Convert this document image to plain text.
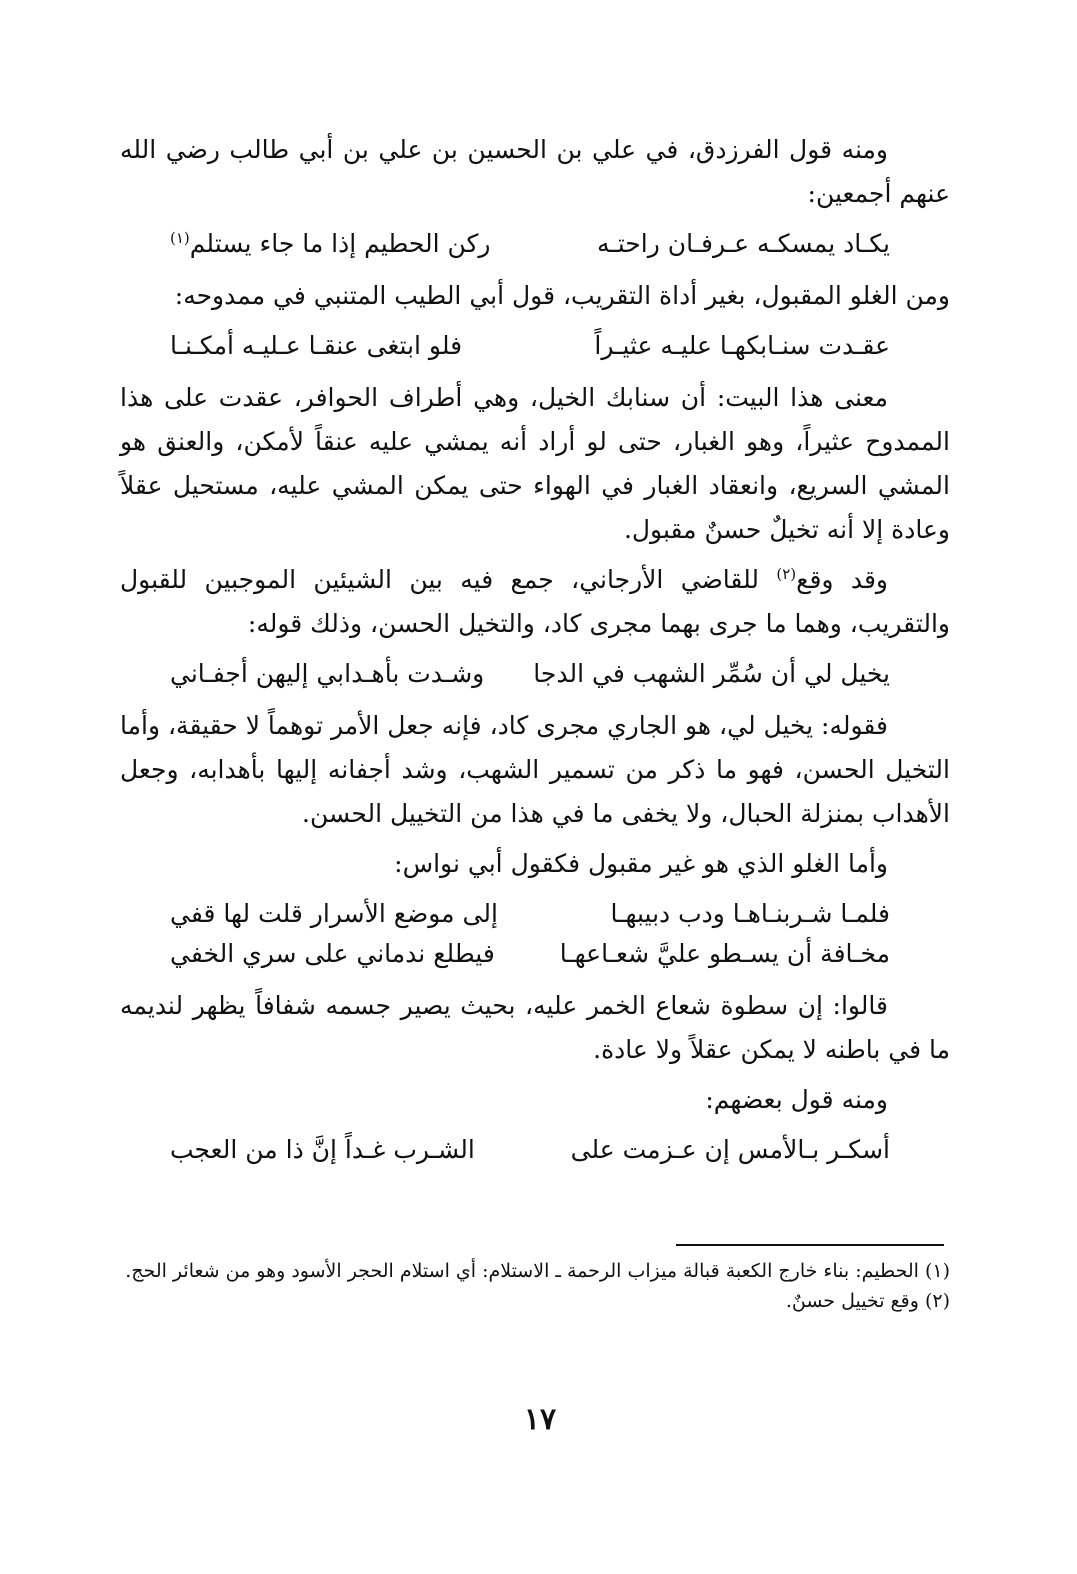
ومنه قول الفرزدق، في علي بن الحسين بن علي بن أبي طالب رضي الله عنهم أجمعين:

يكـاد يمسكـه عـرفـان راحتـه
ركن الحطيم إذا ما جاء يستلم$^{(١)}$

ومن الغلو المقبول، بغير أداة التقريب، قول أبي الطيب المتنبي في ممدوحه:

عقـدت سنـابكهـا عليـه عثيـراً
فلو ابتغى عنقـا عـليـه أمكـنـا

معنى هذا البيت: أن سنابك الخيل، وهي أطراف الحوافر، عقدت على هذا الممدوح عثيراً، وهو الغبار، حتى لو أراد أنه يمشي عليه عنقاً لأمكن، والعنق هو المشي السريع، وانعقاد الغبار في الهواء حتى يمكن المشي عليه، مستحيل عقلاً وعادة إلا أنه تخيلٌ حسنٌ مقبول.

وقد وقع$^{(٢)}$ للقاضي الأرجاني، جمع فيه بين الشيئين الموجبين للقبول والتقريب، وهما ما جرى بهما مجرى كاد، والتخيل الحسن، وذلك قوله:

يخيل لي أن سُمِّر الشهب في الدجا
وشـدت بأهـدابي إليهن أجفـاني

فقوله: يخيل لي، هو الجاري مجرى كاد، فإنه جعل الأمر توهماً لا حقيقة، وأما التخيل الحسن، فهو ما ذكر من تسمير الشهب، وشد أجفانه إليها بأهدابه، وجعل الأهداب بمنزلة الحبال، ولا يخفى ما في هذا من التخييل الحسن.

وأما الغلو الذي هو غير مقبول فكقول أبي نواس:

فلمـا شـربنـاهـا ودب دبيبهـا
إلى موضع الأسرار قلت لها قفي
مخـافة أن يسـطو عليَّ شعـاعهـا
فيطلع ندماني على سري الخفي

قالوا: إن سطوة شعاع الخمر عليه، بحيث يصير جسمه شفافاً يظهر لنديمه ما في باطنه لا يمكن عقلاً ولا عادة.

ومنه قول بعضهم:

أسكـر بـالأمس إن عـزمت على
الشـرب غـداً إنَّ ذا من العجب

(١) الحطيم: بناء خارج الكعبة قبالة ميزاب الرحمة ـ الاستلام: أي استلام الحجر الأسود وهو من شعائر الحج.

(٢) وقع تخييل حسنٌ.

١٧
